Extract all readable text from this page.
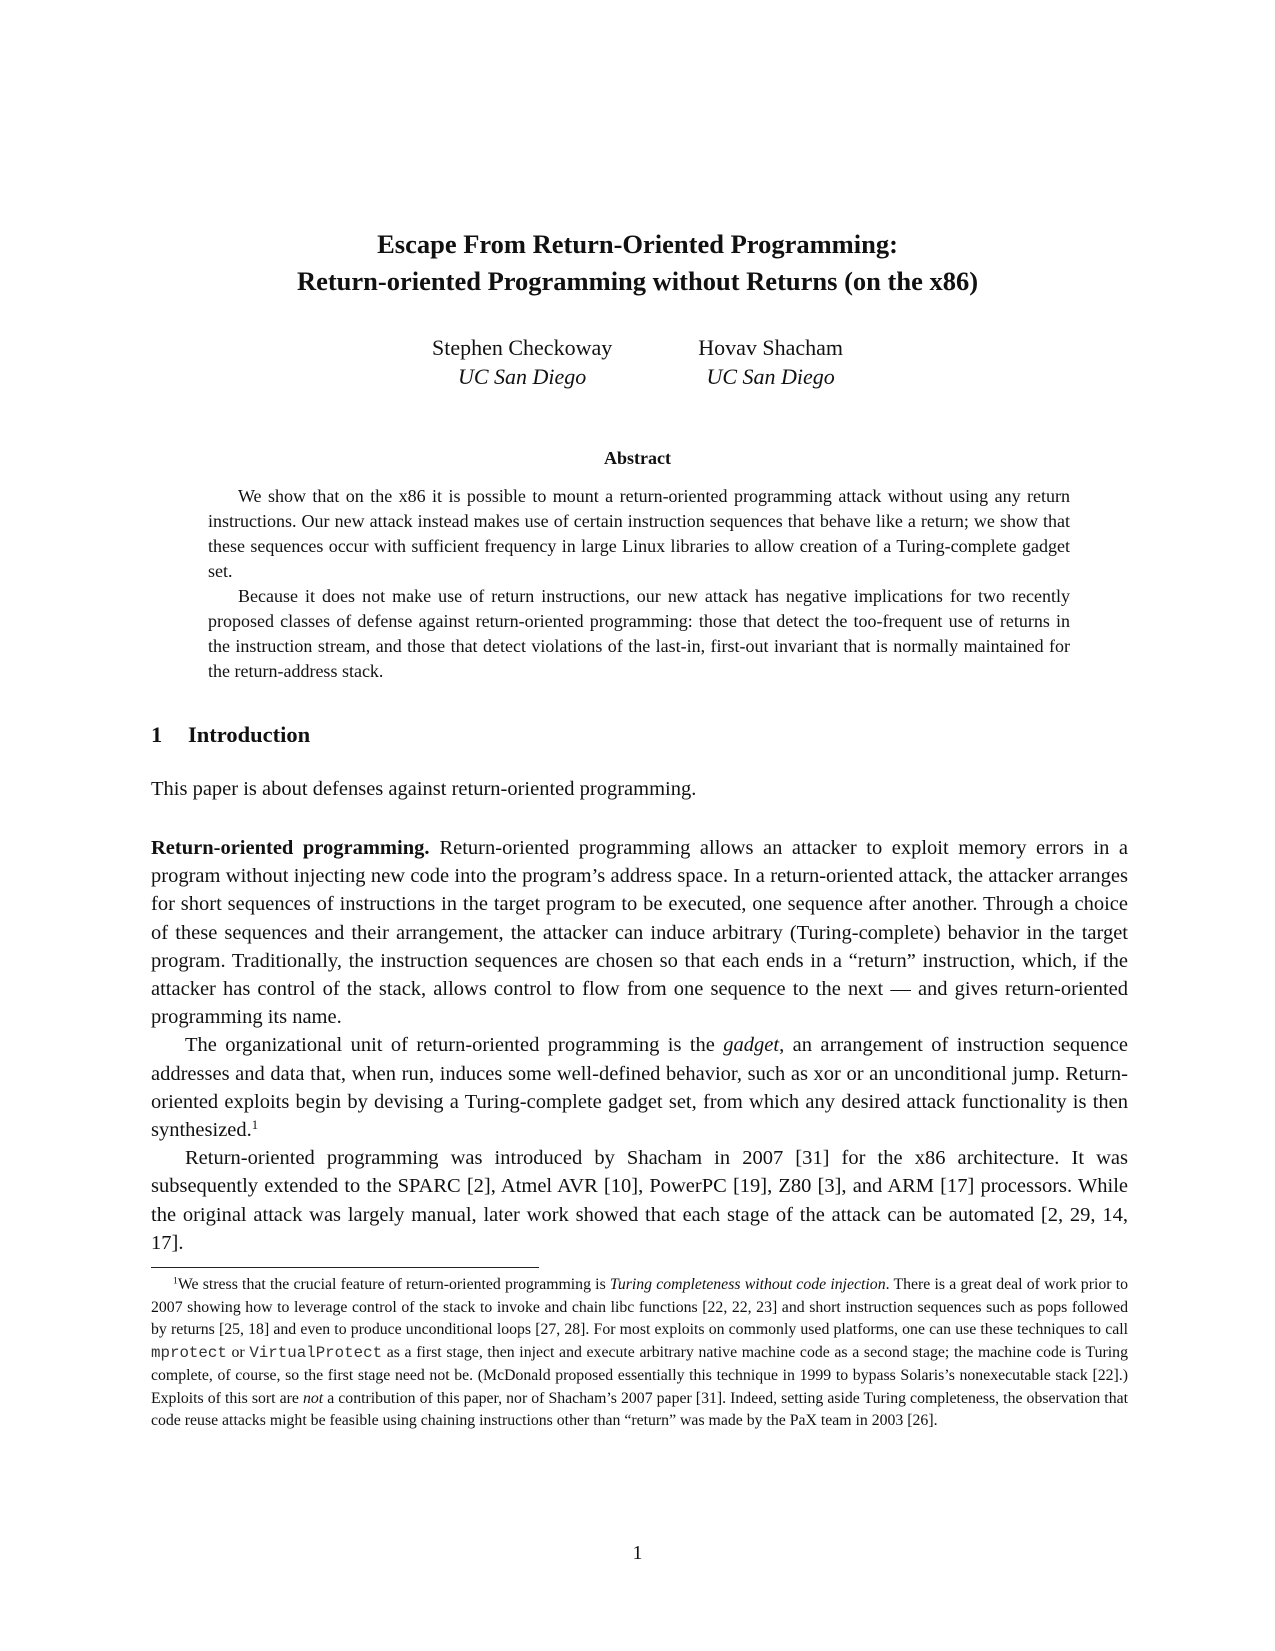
Escape From Return-Oriented Programming:
Return-oriented Programming without Returns (on the x86)
Stephen Checkoway
UC San Diego
Hovav Shacham
UC San Diego
Abstract

We show that on the x86 it is possible to mount a return-oriented programming attack without using any return instructions. Our new attack instead makes use of certain instruction sequences that behave like a return; we show that these sequences occur with sufficient frequency in large Linux libraries to allow creation of a Turing-complete gadget set.

Because it does not make use of return instructions, our new attack has negative implications for two recently proposed classes of defense against return-oriented programming: those that detect the too-frequent use of returns in the instruction stream, and those that detect violations of the last-in, first-out invariant that is normally maintained for the return-address stack.

1 Introduction

This paper is about defenses against return-oriented programming.

Return-oriented programming. Return-oriented programming allows an attacker to exploit memory errors in a program without injecting new code into the program’s address space. In a return-oriented attack, the attacker arranges for short sequences of instructions in the target program to be executed, one sequence after another. Through a choice of these sequences and their arrangement, the attacker can induce arbitrary (Turing-complete) behavior in the target program. Traditionally, the instruction sequences are chosen so that each ends in a “return” instruction, which, if the attacker has control of the stack, allows control to flow from one sequence to the next — and gives return-oriented programming its name.

The organizational unit of return-oriented programming is the gadget, an arrangement of instruction sequence addresses and data that, when run, induces some well-defined behavior, such as xor or an unconditional jump. Return-oriented exploits begin by devising a Turing-complete gadget set, from which any desired attack functionality is then synthesized.$^1$

Return-oriented programming was introduced by Shacham in 2007 [31] for the x86 architecture. It was subsequently extended to the SPARC [2], Atmel AVR [10], PowerPC [19], Z80 [3], and ARM [17] processors. While the original attack was largely manual, later work showed that each stage of the attack can be automated [2, 29, 14, 17].

$^1$We stress that the crucial feature of return-oriented programming is Turing completeness without code injection. There is a great deal of work prior to 2007 showing how to leverage control of the stack to invoke and chain libc functions [22, 22, 23] and short instruction sequences such as pops followed by returns [25, 18] and even to produce unconditional loops [27, 28]. For most exploits on commonly used platforms, one can use these techniques to call mprotect or VirtualProtect as a first stage, then inject and execute arbitrary native machine code as a second stage; the machine code is Turing complete, of course, so the first stage need not be. (McDonald proposed essentially this technique in 1999 to bypass Solaris’s nonexecutable stack [22].) Exploits of this sort are not a contribution of this paper, nor of Shacham’s 2007 paper [31]. Indeed, setting aside Turing completeness, the observation that code reuse attacks might be feasible using chaining instructions other than “return” was made by the PaX team in 2003 [26].

1
